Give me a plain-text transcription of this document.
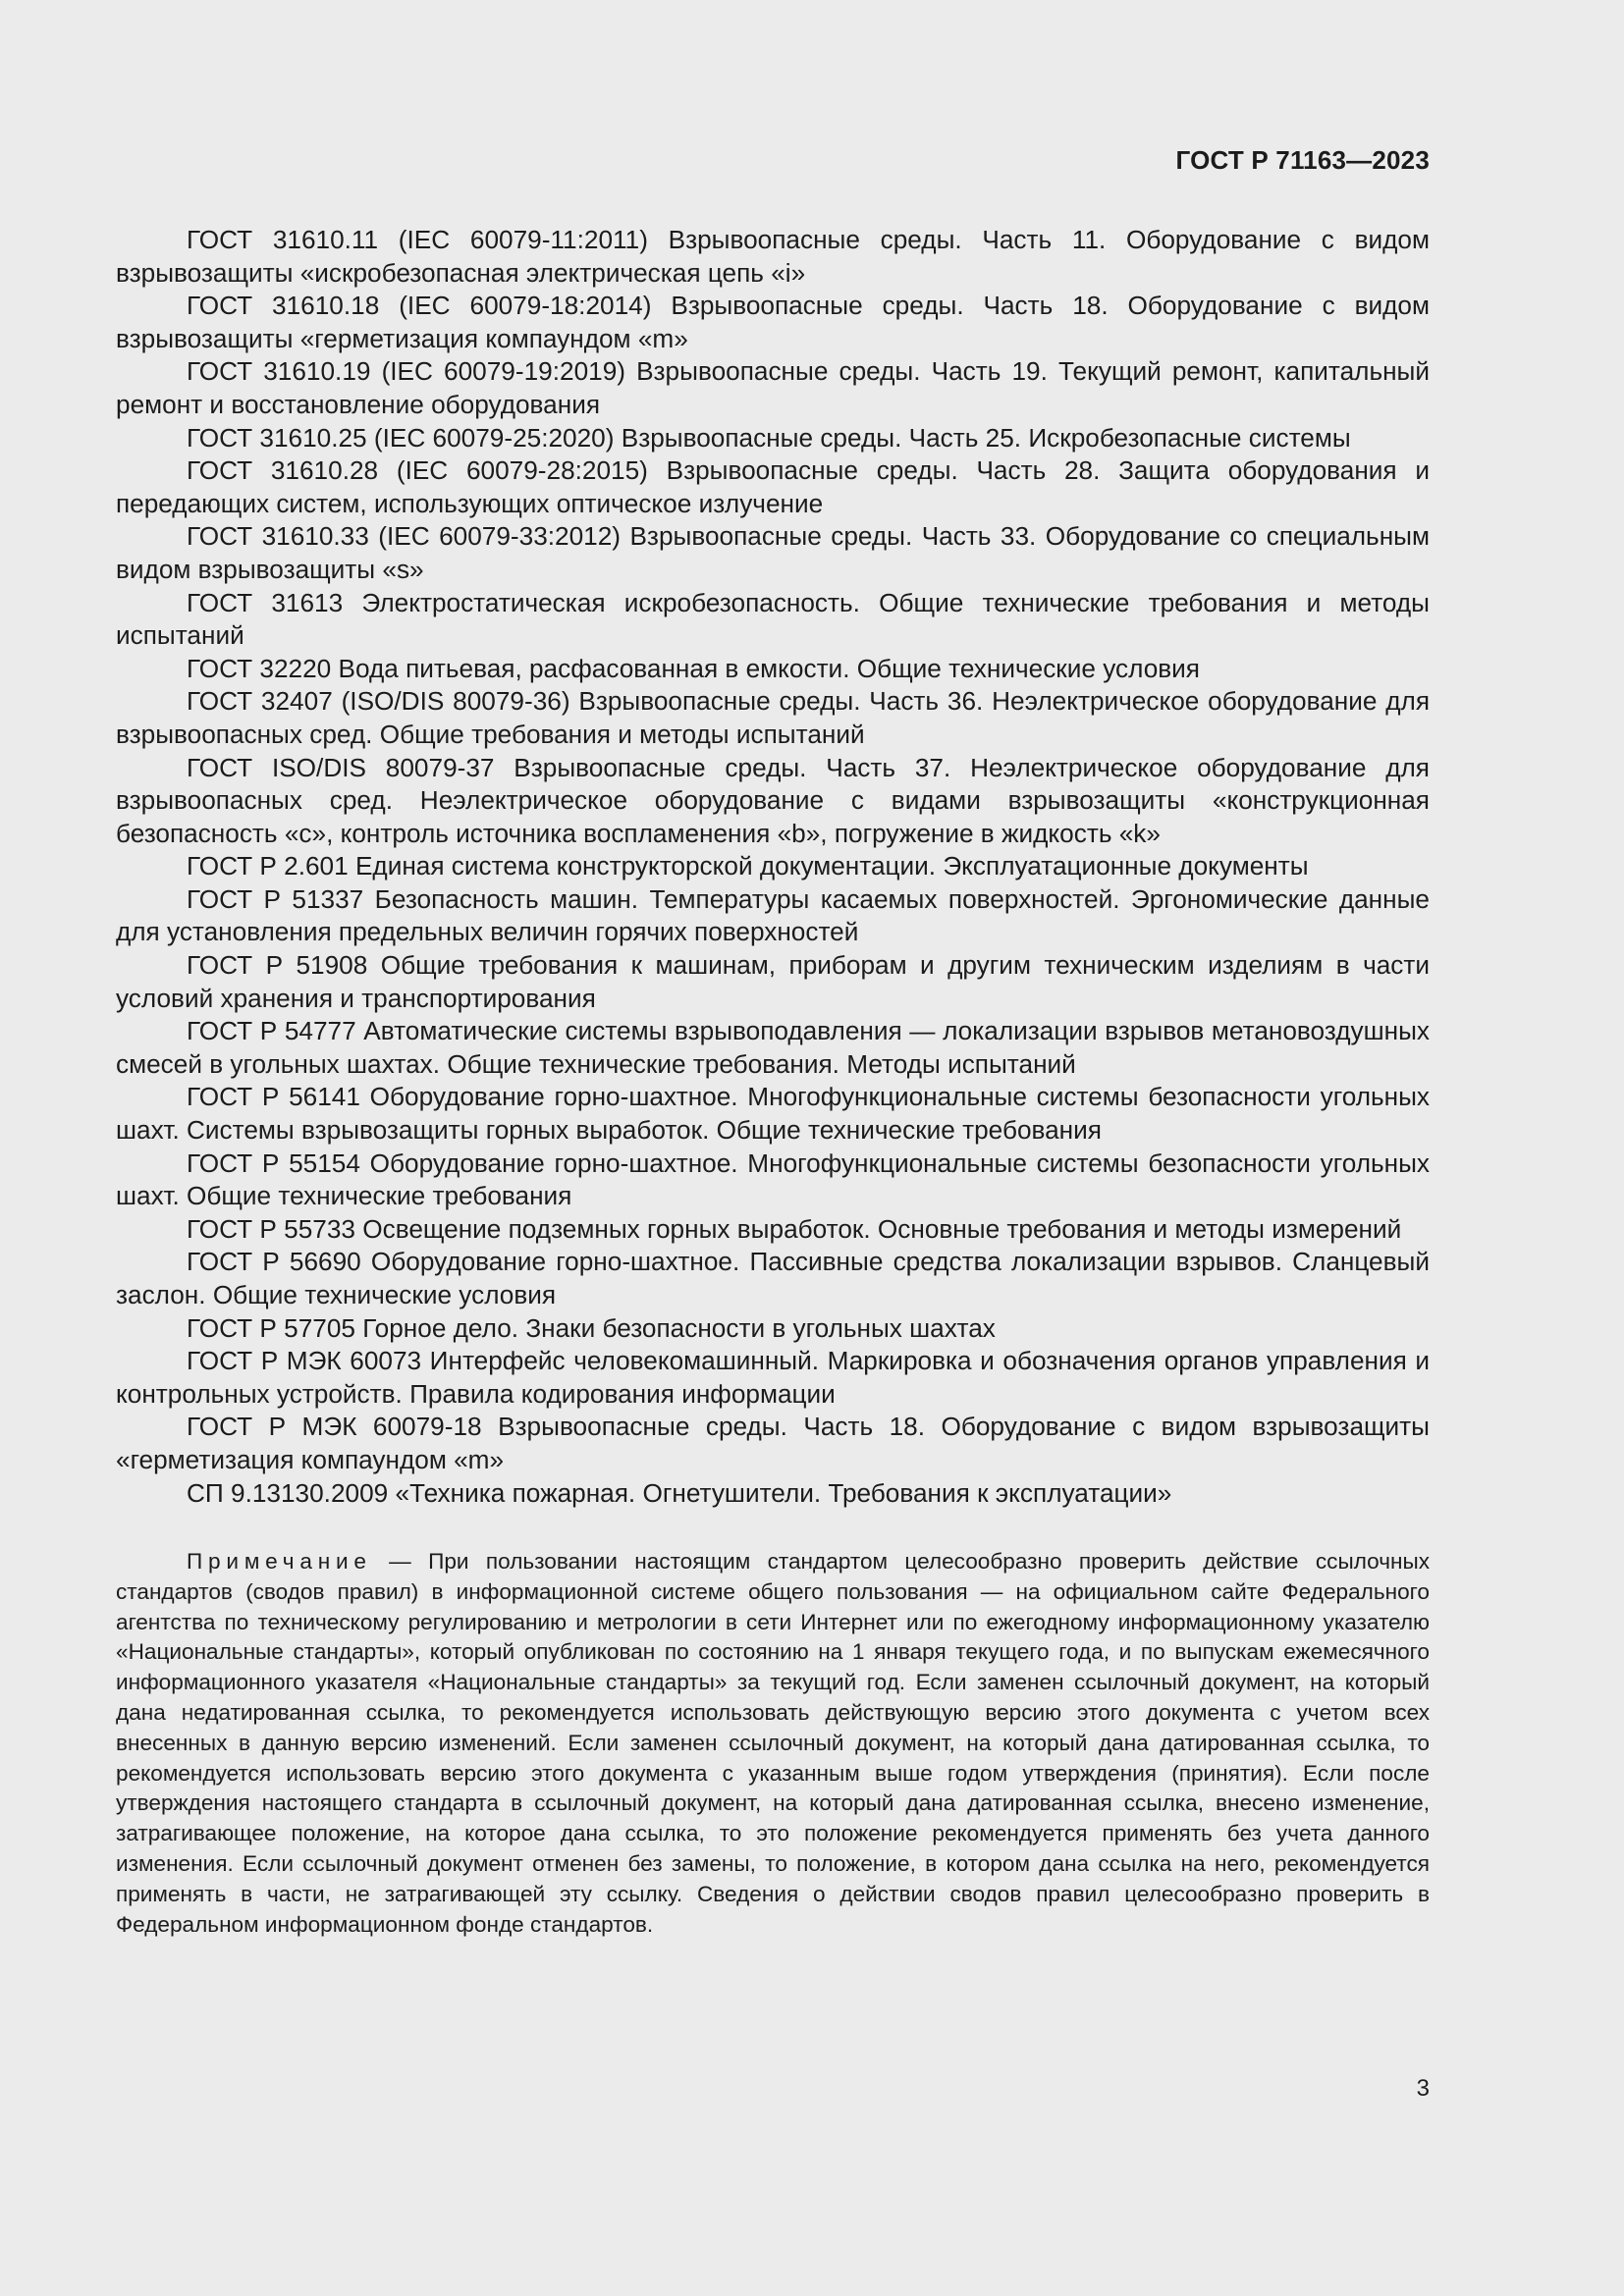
ГОСТ Р 71163—2023

ГОСТ 31610.11 (IEC 60079-11:2011) Взрывоопасные среды. Часть 11. Оборудование с видом взрывозащиты «искробезопасная электрическая цепь «i»

ГОСТ 31610.18 (IEC 60079-18:2014) Взрывоопасные среды. Часть 18. Оборудование с видом взрывозащиты «герметизация компаундом «m»

ГОСТ 31610.19 (IEC 60079-19:2019) Взрывоопасные среды. Часть 19. Текущий ремонт, капитальный ремонт и восстановление оборудования

ГОСТ 31610.25 (IEC 60079-25:2020) Взрывоопасные среды. Часть 25. Искробезопасные системы

ГОСТ 31610.28 (IEC 60079-28:2015) Взрывоопасные среды. Часть 28. Защита оборудования и передающих систем, использующих оптическое излучение

ГОСТ 31610.33 (IEC 60079-33:2012) Взрывоопасные среды. Часть 33. Оборудование со специальным видом взрывозащиты «s»

ГОСТ 31613 Электростатическая искробезопасность. Общие технические требования и методы испытаний

ГОСТ 32220 Вода питьевая, расфасованная в емкости. Общие технические условия

ГОСТ 32407 (ISO/DIS 80079-36) Взрывоопасные среды. Часть 36. Неэлектрическое оборудование для взрывоопасных сред. Общие требования и методы испытаний

ГОСТ ISO/DIS 80079-37 Взрывоопасные среды. Часть 37. Неэлектрическое оборудование для взрывоопасных сред. Неэлектрическое оборудование с видами взрывозащиты «конструкционная безопасность «c», контроль источника воспламенения «b», погружение в жидкость «k»

ГОСТ Р 2.601 Единая система конструкторской документации. Эксплуатационные документы

ГОСТ Р 51337 Безопасность машин. Температуры касаемых поверхностей. Эргономические данные для установления предельных величин горячих поверхностей

ГОСТ Р 51908 Общие требования к машинам, приборам и другим техническим изделиям в части условий хранения и транспортирования

ГОСТ Р 54777 Автоматические системы взрывоподавления — локализации взрывов метановоздушных смесей в угольных шахтах. Общие технические требования. Методы испытаний

ГОСТ Р 56141 Оборудование горно-шахтное. Многофункциональные системы безопасности угольных шахт. Системы взрывозащиты горных выработок. Общие технические требования

ГОСТ Р 55154 Оборудование горно-шахтное. Многофункциональные системы безопасности угольных шахт. Общие технические требования

ГОСТ Р 55733 Освещение подземных горных выработок. Основные требования и методы измерений

ГОСТ Р 56690 Оборудование горно-шахтное. Пассивные средства локализации взрывов. Сланцевый заслон. Общие технические условия

ГОСТ Р 57705 Горное дело. Знаки безопасности в угольных шахтах

ГОСТ Р МЭК 60073 Интерфейс человекомашинный. Маркировка и обозначения органов управления и контрольных устройств. Правила кодирования информации

ГОСТ Р МЭК 60079-18 Взрывоопасные среды. Часть 18. Оборудование с видом взрывозащиты «герметизация компаундом «m»

СП 9.13130.2009 «Техника пожарная. Огнетушители. Требования к эксплуатации»

Примечание — При пользовании настоящим стандартом целесообразно проверить действие ссылочных стандартов (сводов правил) в информационной системе общего пользования — на официальном сайте Федерального агентства по техническому регулированию и метрологии в сети Интернет или по ежегодному информационному указателю «Национальные стандарты», который опубликован по состоянию на 1 января текущего года, и по выпускам ежемесячного информационного указателя «Национальные стандарты» за текущий год. Если заменен ссылочный документ, на который дана недатированная ссылка, то рекомендуется использовать действующую версию этого документа с учетом всех внесенных в данную версию изменений. Если заменен ссылочный документ, на который дана датированная ссылка, то рекомендуется использовать версию этого документа с указанным выше годом утверждения (принятия). Если после утверждения настоящего стандарта в ссылочный документ, на который дана датированная ссылка, внесено изменение, затрагивающее положение, на которое дана ссылка, то это положение рекомендуется применять без учета данного изменения. Если ссылочный документ отменен без замены, то положение, в котором дана ссылка на него, рекомендуется применять в части, не затрагивающей эту ссылку. Сведения о действии сводов правил целесообразно проверить в Федеральном информационном фонде стандартов.

3
